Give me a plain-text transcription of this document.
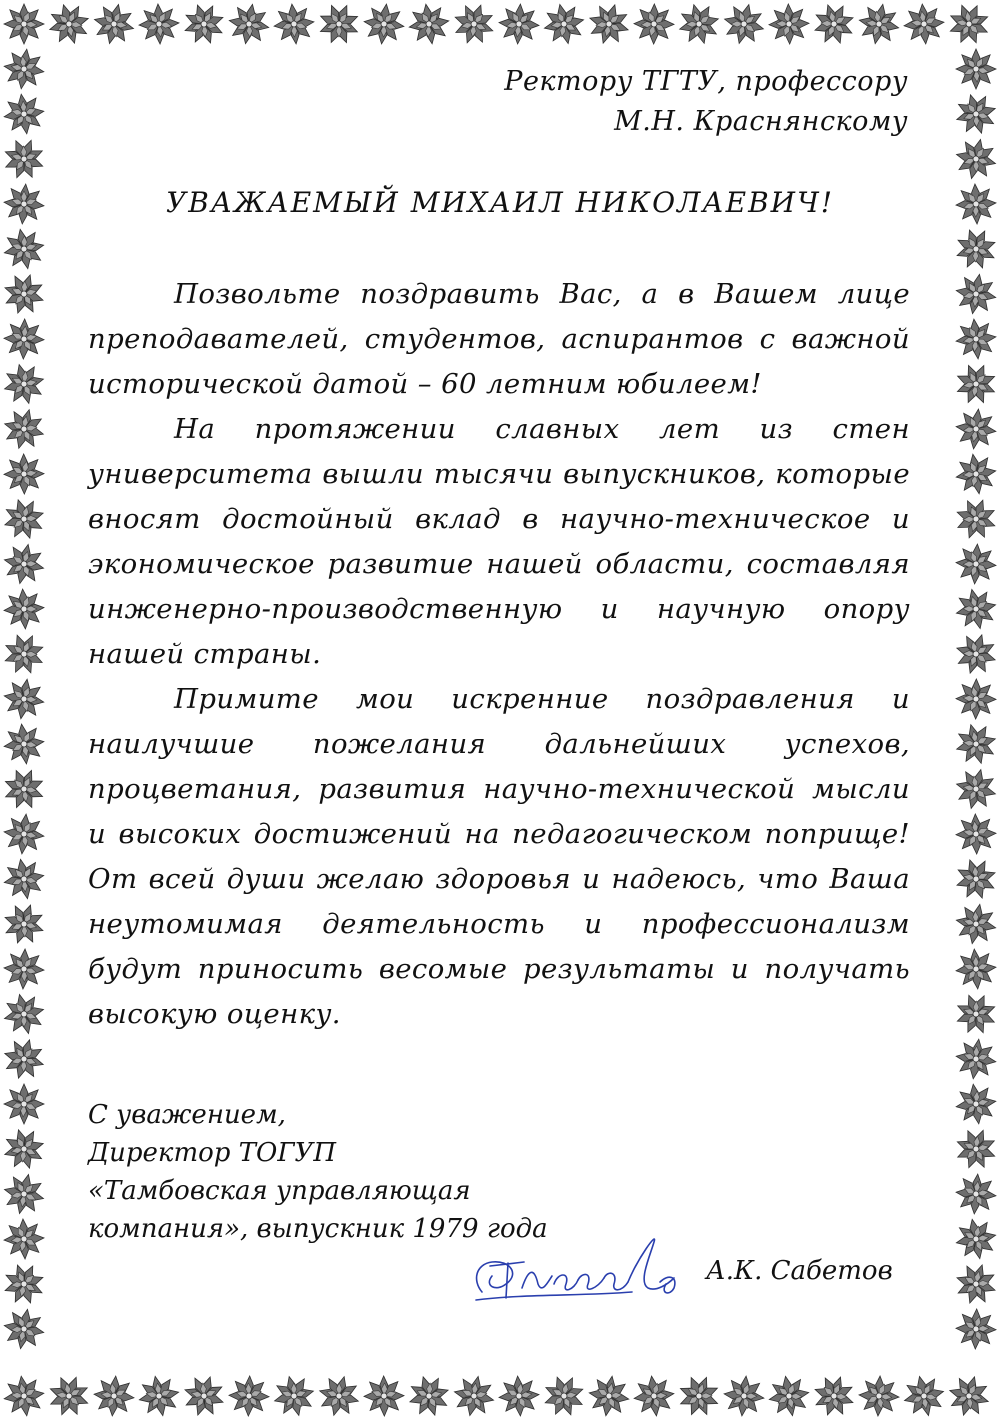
Ректору ТГТУ, профессору
М.Н. Краснянскому
УВАЖАЕМЫЙ МИХАИЛ НИКОЛАЕВИЧ!

Позвольте поздравить Вас, а в Вашем лице преподавателей, студентов, аспирантов с важной исторической датой – 60 летним юбилеем!

На протяжении славных лет из стен университета вышли тысячи выпускников, которые вносят достойный вклад в научно-техническое и экономическое развитие нашей области, составляя инженерно-производственную и научную опору нашей страны.

Примите мои искренние поздравления и наилучшие пожелания дальнейших успехов, процветания, развития научно-технической мысли и высоких достижений на педагогическом поприще! От всей души желаю здоровья и надеюсь, что Ваша неутомимая деятельность и профессионализм будут приносить весомые результаты и получать высокую оценку.

С уважением,
Директор ТОГУП
«Тамбовская управляющая
компания», выпускник 1979 года
А.К. Сабетов
